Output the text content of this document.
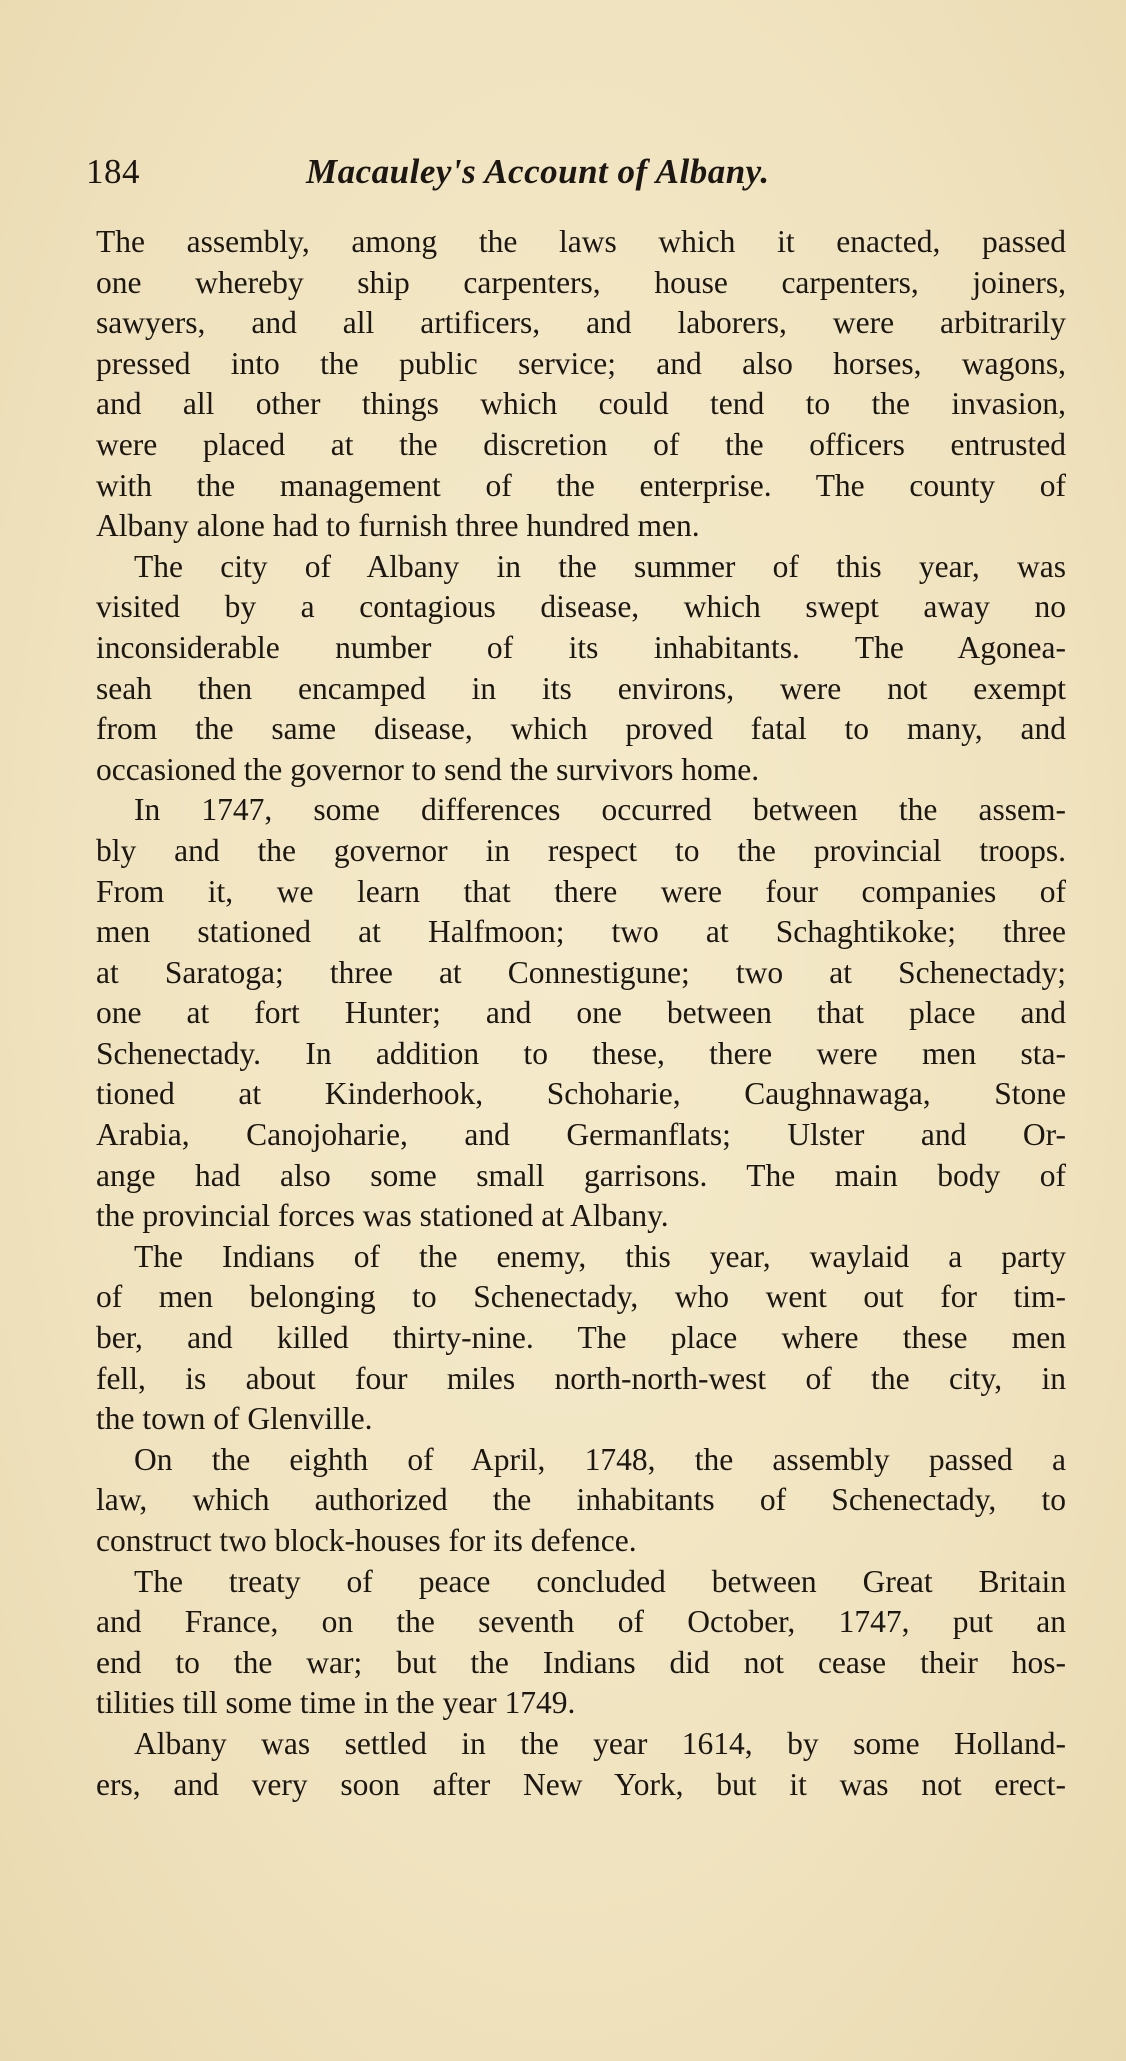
184	Macauley's Account of Albany.
The assembly, among the laws which it enacted, passed
one whereby ship carpenters, house carpenters, joiners,
sawyers, and all artificers, and laborers, were arbitrarily
pressed into the public service; and also horses, wagons,
and all other things which could tend to the invasion,
were placed at the discretion of the officers entrusted
with the management of the enterprise. The county of
Albany alone had to furnish three hundred men.
The city of Albany in the summer of this year, was
visited by a contagious disease, which swept away no
inconsiderable number of its inhabitants. The Agonea-
seah then encamped in its environs, were not exempt
from the same disease, which proved fatal to many, and
occasioned the governor to send the survivors home.
In 1747, some differences occurred between the assem-
bly and the governor in respect to the provincial troops.
From it, we learn that there were four companies of
men stationed at Halfmoon; two at Schaghtikoke; three
at Saratoga; three at Connestigune; two at Schenectady;
one at fort Hunter; and one between that place and
Schenectady. In addition to these, there were men sta-
tioned at Kinderhook, Schoharie, Caughnawaga, Stone
Arabia, Canojoharie, and Germanflats; Ulster and Or-
ange had also some small garrisons. The main body of
the provincial forces was stationed at Albany.
The Indians of the enemy, this year, waylaid a party
of men belonging to Schenectady, who went out for tim-
ber, and killed thirty-nine. The place where these men
fell, is about four miles north-north-west of the city, in
the town of Glenville.
On the eighth of April, 1748, the assembly passed a
law, which authorized the inhabitants of Schenectady, to
construct two block-houses for its defence.
The treaty of peace concluded between Great Britain
and France, on the seventh of October, 1747, put an
end to the war; but the Indians did not cease their hos-
tilities till some time in the year 1749.
Albany was settled in the year 1614, by some Holland-
ers, and very soon after New York, but it was not erect-
